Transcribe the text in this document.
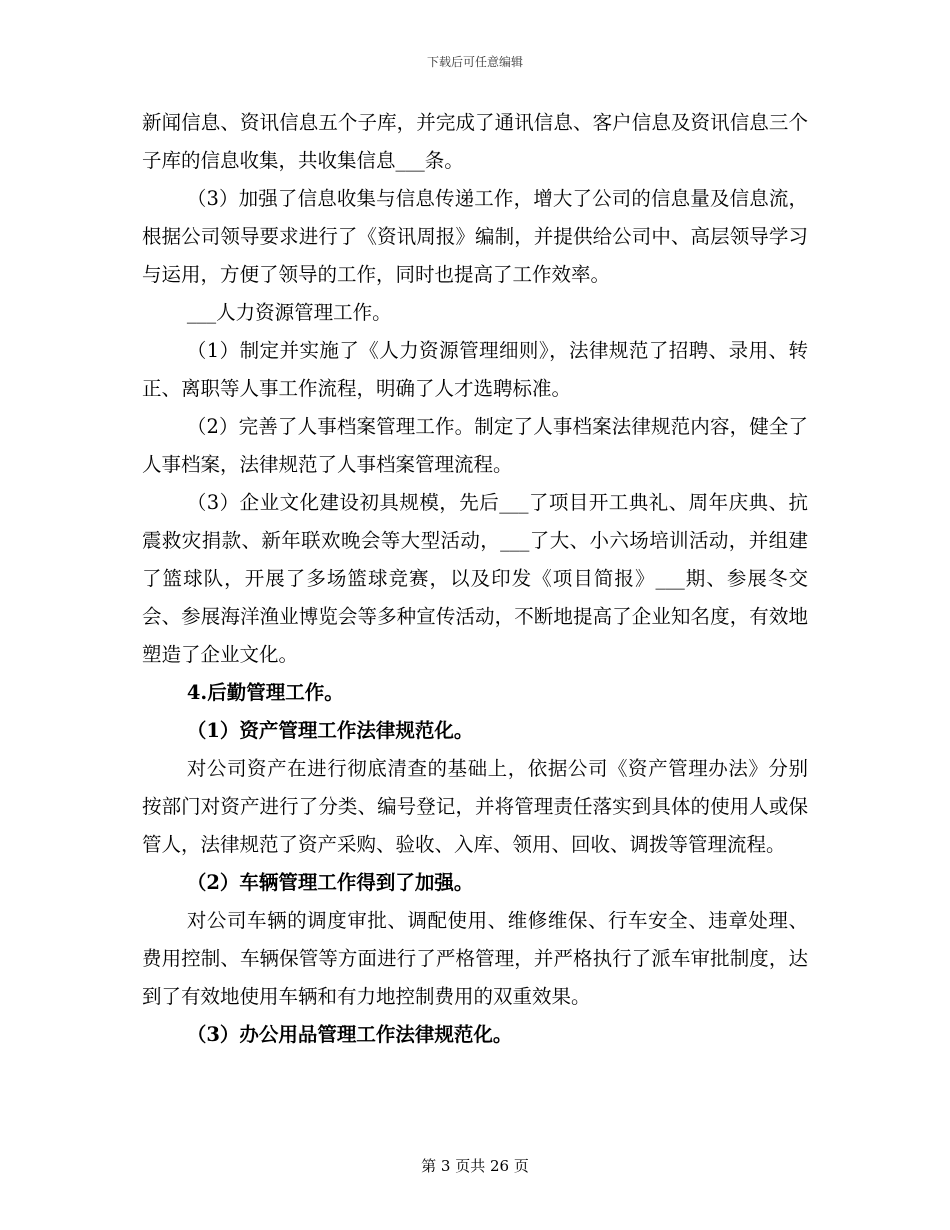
下载后可任意编辑

新闻信息、资讯信息五个子库，并完成了通讯信息、客户信息及资讯信息三个子库的信息收集，共收集信息___条。

（3）加强了信息收集与信息传递工作，增大了公司的信息量及信息流，根据公司领导要求进行了《资讯周报》编制，并提供给公司中、高层领导学习与运用，方便了领导的工作，同时也提高了工作效率。

___人力资源管理工作。

（1）制定并实施了《人力资源管理细则》，法律规范了招聘、录用、转正、离职等人事工作流程，明确了人才选聘标准。

（2）完善了人事档案管理工作。制定了人事档案法律规范内容，健全了人事档案，法律规范了人事档案管理流程。

（3）企业文化建设初具规模，先后___了项目开工典礼、周年庆典、抗震救灾捐款、新年联欢晚会等大型活动，___了大、小六场培训活动，并组建了篮球队，开展了多场篮球竞赛，以及印发《项目简报》___期、参展冬交会、参展海洋渔业博览会等多种宣传活动，不断地提高了企业知名度，有效地塑造了企业文化。

4.后勤管理工作。

（1）资产管理工作法律规范化。

对公司资产在进行彻底清查的基础上，依据公司《资产管理办法》分别按部门对资产进行了分类、编号登记，并将管理责任落实到具体的使用人或保管人，法律规范了资产采购、验收、入库、领用、回收、调拨等管理流程。

（2）车辆管理工作得到了加强。

对公司车辆的调度审批、调配使用、维修维保、行车安全、违章处理、费用控制、车辆保管等方面进行了严格管理，并严格执行了派车审批制度，达到了有效地使用车辆和有力地控制费用的双重效果。

（3）办公用品管理工作法律规范化。

第 3 页共 26 页
